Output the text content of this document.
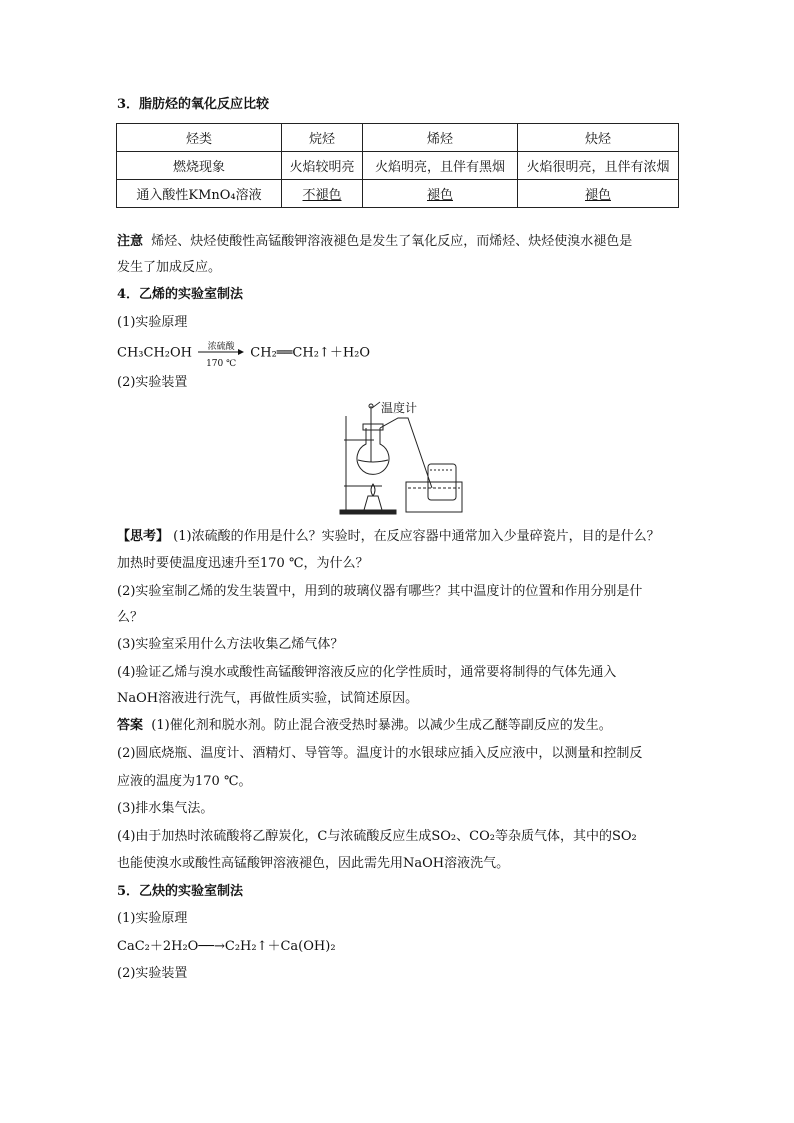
3．脂肪烃的氧化反应比较
烃类	烷烃	烯烃	炔烃
燃烧现象	火焰较明亮	火焰明亮，且伴有黑烟	火焰很明亮，且伴有浓烟
通入酸性KMnO₄溶液	不褪色	褪色	褪色
注意 烯烃、炔烃使酸性高锰酸钾溶液褪色是发生了氧化反应，而烯烃、炔烃使溴水褪色是
发生了加成反应。
4．乙烯的实验室制法
(1)实验原理
CH₃CH₂OH	浓硫酸
170 ℃
CH₂══CH₂↑＋H₂O
(2)实验装置
温度计
【思考】 (1)浓硫酸的作用是什么？实验时，在反应容器中通常加入少量碎瓷片，目的是什么？
加热时要使温度迅速升至170 ℃，为什么？
(2)实验室制乙烯的发生装置中，用到的玻璃仪器有哪些？其中温度计的位置和作用分别是什
么？
(3)实验室采用什么方法收集乙烯气体？
(4)验证乙烯与溴水或酸性高锰酸钾溶液反应的化学性质时，通常要将制得的气体先通入
NaOH溶液进行洗气，再做性质实验，试简述原因。
答案 (1)催化剂和脱水剂。防止混合液受热时暴沸。以减少生成乙醚等副反应的发生。
(2)圆底烧瓶、温度计、酒精灯、导管等。温度计的水银球应插入反应液中，以测量和控制反
应液的温度为170 ℃。
(3)排水集气法。
(4)由于加热时浓硫酸将乙醇炭化，C与浓硫酸反应生成SO₂、CO₂等杂质气体，其中的SO₂
也能使溴水或酸性高锰酸钾溶液褪色，因此需先用NaOH溶液洗气。
5．乙炔的实验室制法
(1)实验原理
CaC₂＋2H₂O──→C₂H₂↑＋Ca(OH)₂
(2)实验装置
